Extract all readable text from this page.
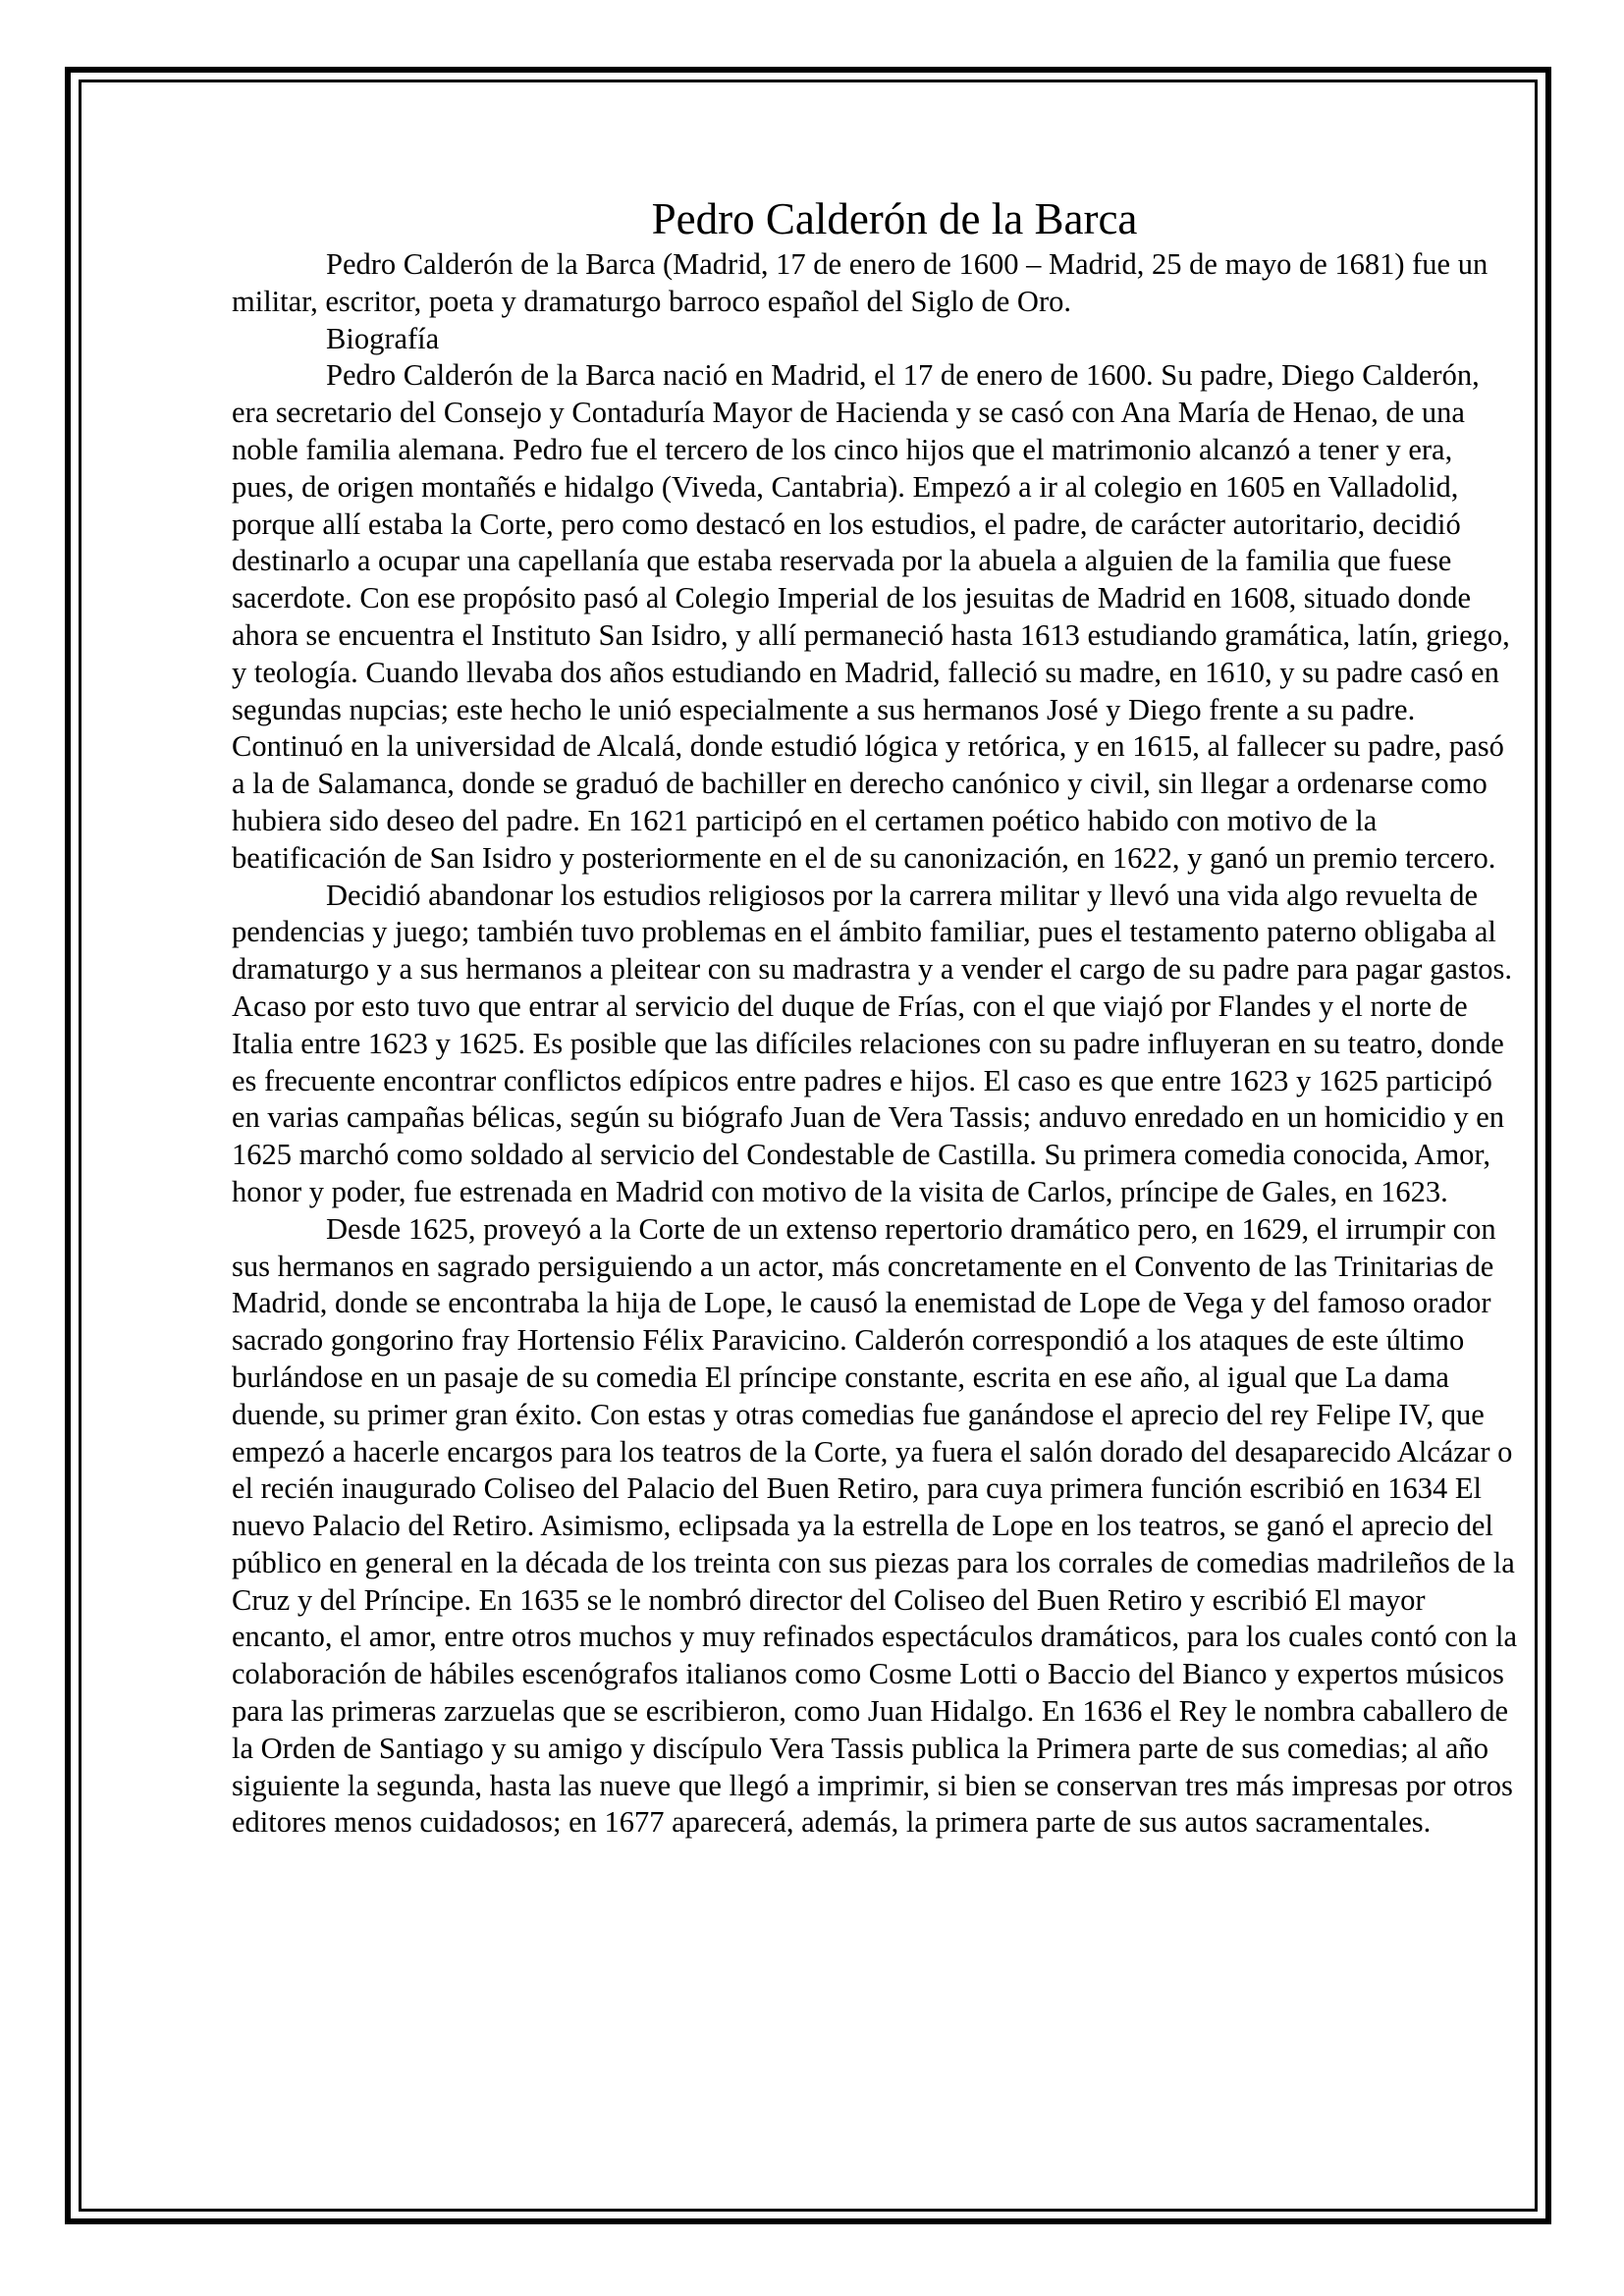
Pedro Calderón de la Barca

Pedro Calderón de la Barca (Madrid, 17 de enero de 1600 – Madrid, 25 de mayo de 1681) fue un militar, escritor, poeta y dramaturgo barroco español del Siglo de Oro.

Biografía

Pedro Calderón de la Barca nació en Madrid, el 17 de enero de 1600. Su padre, Diego Calderón, era secretario del Consejo y Contaduría Mayor de Hacienda y se casó con Ana María de Henao, de una noble familia alemana. Pedro fue el tercero de los cinco hijos que el matrimonio alcanzó a tener y era, pues, de origen montañés e hidalgo (Viveda, Cantabria). Empezó a ir al colegio en 1605 en Valladolid, porque allí estaba la Corte, pero como destacó en los estudios, el padre, de carácter autoritario, decidió destinarlo a ocupar una capellanía que estaba reservada por la abuela a alguien de la familia que fuese sacerdote. Con ese propósito pasó al Colegio Imperial de los jesuitas de Madrid en 1608, situado donde ahora se encuentra el Instituto San Isidro, y allí permaneció hasta 1613 estudiando gramática, latín, griego, y teología. Cuando llevaba dos años estudiando en Madrid, falleció su madre, en 1610, y su padre casó en segundas nupcias; este hecho le unió especialmente a sus hermanos José y Diego frente a su padre. Continuó en la universidad de Alcalá, donde estudió lógica y retórica, y en 1615, al fallecer su padre, pasó a la de Salamanca, donde se graduó de bachiller en derecho canónico y civil, sin llegar a ordenarse como hubiera sido deseo del padre. En 1621 participó en el certamen poético habido con motivo de la beatificación de San Isidro y posteriormente en el de su canonización, en 1622, y ganó un premio tercero.

Decidió abandonar los estudios religiosos por la carrera militar y llevó una vida algo revuelta de pendencias y juego; también tuvo problemas en el ámbito familiar, pues el testamento paterno obligaba al dramaturgo y a sus hermanos a pleitear con su madrastra y a vender el cargo de su padre para pagar gastos. Acaso por esto tuvo que entrar al servicio del duque de Frías, con el que viajó por Flandes y el norte de Italia entre 1623 y 1625. Es posible que las difíciles relaciones con su padre influyeran en su teatro, donde es frecuente encontrar conflictos edípicos entre padres e hijos. El caso es que entre 1623 y 1625 participó en varias campañas bélicas, según su biógrafo Juan de Vera Tassis; anduvo enredado en un homicidio y en 1625 marchó como soldado al servicio del Condestable de Castilla. Su primera comedia conocida, Amor, honor y poder, fue estrenada en Madrid con motivo de la visita de Carlos, príncipe de Gales, en 1623.

Desde 1625, proveyó a la Corte de un extenso repertorio dramático pero, en 1629, el irrumpir con sus hermanos en sagrado persiguiendo a un actor, más concretamente en el Convento de las Trinitarias de Madrid, donde se encontraba la hija de Lope, le causó la enemistad de Lope de Vega y del famoso orador sacrado gongorino fray Hortensio Félix Paravicino. Calderón correspondió a los ataques de este último burlándose en un pasaje de su comedia El príncipe constante, escrita en ese año, al igual que La dama duende, su primer gran éxito. Con estas y otras comedias fue ganándose el aprecio del rey Felipe IV, que empezó a hacerle encargos para los teatros de la Corte, ya fuera el salón dorado del desaparecido Alcázar o el recién inaugurado Coliseo del Palacio del Buen Retiro, para cuya primera función escribió en 1634 El nuevo Palacio del Retiro. Asimismo, eclipsada ya la estrella de Lope en los teatros, se ganó el aprecio del público en general en la década de los treinta con sus piezas para los corrales de comedias madrileños de la Cruz y del Príncipe. En 1635 se le nombró director del Coliseo del Buen Retiro y escribió El mayor encanto, el amor, entre otros muchos y muy refinados espectáculos dramáticos, para los cuales contó con la colaboración de hábiles escenógrafos italianos como Cosme Lotti o Baccio del Bianco y expertos músicos para las primeras zarzuelas que se escribieron, como Juan Hidalgo. En 1636 el Rey le nombra caballero de la Orden de Santiago y su amigo y discípulo Vera Tassis publica la Primera parte de sus comedias; al año siguiente la segunda, hasta las nueve que llegó a imprimir, si bien se conservan tres más impresas por otros editores menos cuidadosos; en 1677 aparecerá, además, la primera parte de sus autos sacramentales.
